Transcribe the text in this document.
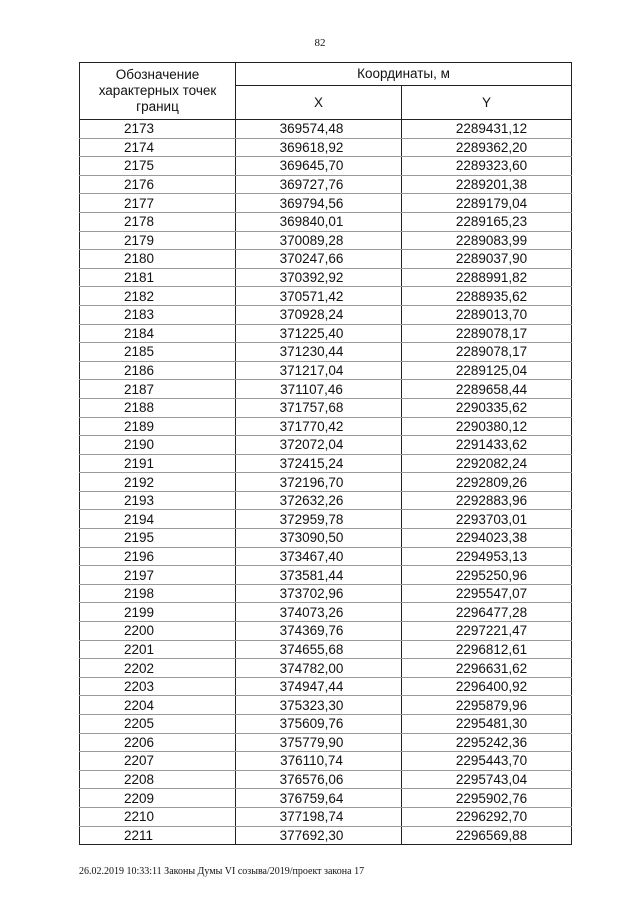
82
Обозначение характерных точек границ	Координаты, м	
	X	Y
2173	369574,48	2289431,12
2174	369618,92	2289362,20
2175	369645,70	2289323,60
2176	369727,76	2289201,38
2177	369794,56	2289179,04
2178	369840,01	2289165,23
2179	370089,28	2289083,99
2180	370247,66	2289037,90
2181	370392,92	2288991,82
2182	370571,42	2288935,62
2183	370928,24	2289013,70
2184	371225,40	2289078,17
2185	371230,44	2289078,17
2186	371217,04	2289125,04
2187	371107,46	2289658,44
2188	371757,68	2290335,62
2189	371770,42	2290380,12
2190	372072,04	2291433,62
2191	372415,24	2292082,24
2192	372196,70	2292809,26
2193	372632,26	2292883,96
2194	372959,78	2293703,01
2195	373090,50	2294023,38
2196	373467,40	2294953,13
2197	373581,44	2295250,96
2198	373702,96	2295547,07
2199	374073,26	2296477,28
2200	374369,76	2297221,47
2201	374655,68	2296812,61
2202	374782,00	2296631,62
2203	374947,44	2296400,92
2204	375323,30	2295879,96
2205	375609,76	2295481,30
2206	375779,90	2295242,36
2207	376110,74	2295443,70
2208	376576,06	2295743,04
2209	376759,64	2295902,76
2210	377198,74	2296292,70
2211	377692,30	2296569,88
26.02.2019 10:33:11 Законы Думы VI созыва/2019/проект закона 17
